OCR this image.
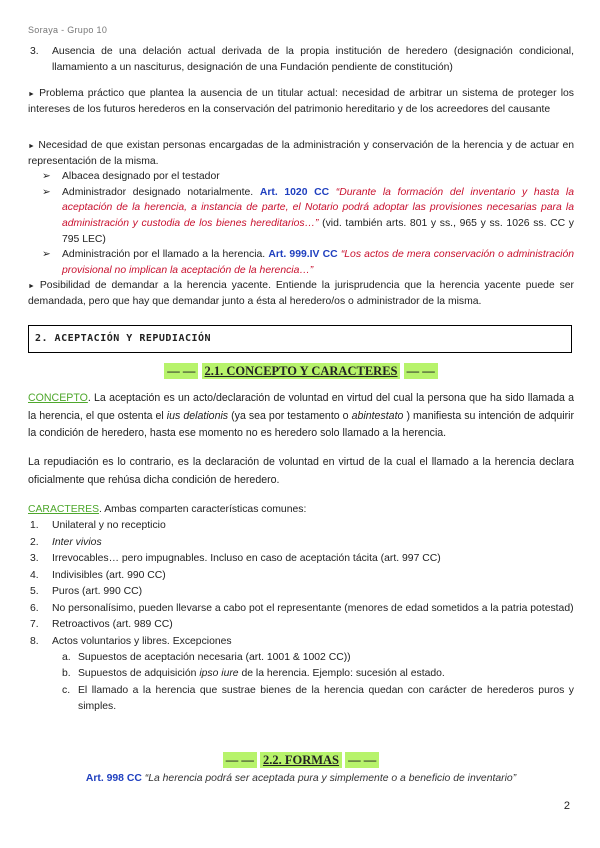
Soraya - Grupo 10
3.	Ausencia de una delación actual derivada de la propia institución de heredero (designación condicional, llamamiento a un nasciturus, designación de una Fundación pendiente de constitución)

► Problema práctico que plantea la ausencia de un titular actual: necesidad de arbitrar un sistema de proteger los intereses de los futuros herederos en la conservación del patrimonio hereditario y de los acreedores del causante

► Necesidad de que existan personas encargadas de la administración y conservación de la herencia y de actuar en representación de la misma.

➢	Albacea designado por el testador

➢	Administrador designado notarialmente. Art. 1020 CC “Durante la formación del inventario y hasta la aceptación de la herencia, a instancia de parte, el Notario podrá adoptar las provisiones necesarias para la administración y custodia de los bienes hereditarios…” (vid. también arts. 801 y ss., 965 y ss. 1026 ss. CC y 795 LEC)

➢	Administración por el llamado a la herencia. Art. 999.IV CC “Los actos de mera conservación o administración provisional no implican la aceptación de la herencia…”

► Posibilidad de demandar a la herencia yacente. Entiende la jurisprudencia que la herencia yacente puede ser demandada, pero que hay que demandar junto a ésta al heredero/os o administrador de la misma.

2. ACEPTACIÓN Y REPUDIACIÓN
— — 2.1. CONCEPTO Y CARACTERES — —

CONCEPTO. La aceptación es un acto/declaración de voluntad en virtud del cual la persona que ha sido llamada a la herencia, el que ostenta el ius delationis (ya sea por testamento o abintestato ) manifiesta su intención de adquirir la condición de heredero, hasta ese momento no es heredero solo llamado a la herencia.

La repudiación es lo contrario, es la declaración de voluntad en virtud de la cual el llamado a la herencia declara oficialmente que rehúsa dicha condición de heredero.

CARACTERES. Ambas comparten características comunes:

1.	Unilateral y no recepticio

2.	Inter vivios

3.	Irrevocables… pero impugnables. Incluso en caso de aceptación tácita (art. 997 CC)

4.	Indivisibles (art. 990 CC)

5.	Puros (art. 990 CC)

6.	No personalísimo, pueden llevarse a cabo pot el representante (menores de edad sometidos a la patria potestad)

7.	Retroactivos (art. 989 CC)

8.	Actos voluntarios y libres. Excepciones

a. Supuestos de aceptación necesaria (art. 1001 & 1002 CC))

b. Supuestos de adquisición ipso iure de la herencia. Ejemplo: sucesión al estado.

c. El llamado a la herencia que sustrae bienes de la herencia quedan con carácter de herederos puros y simples.

— — 2.2. FORMAS — —
Art. 998 CC “La herencia podrá ser aceptada pura y simplemente o a beneficio de inventario”
2
